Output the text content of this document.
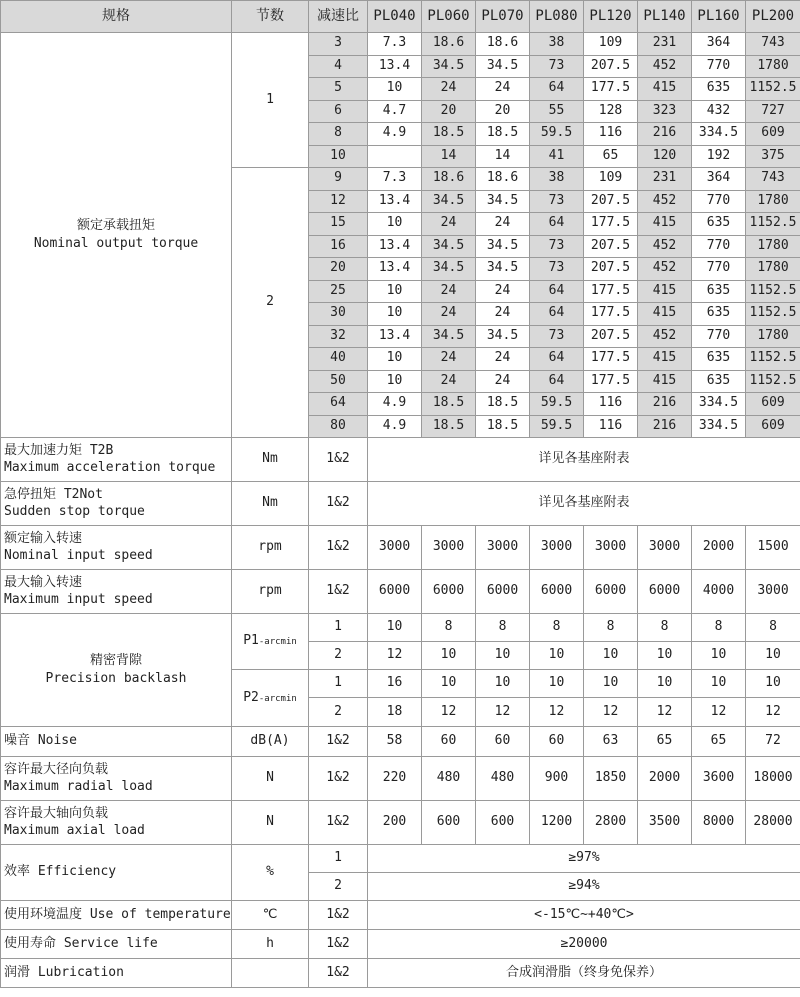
规格	节数	减速比	PL040	PL060	PL070	PL080	PL120	PL140	PL160	PL200

额定承载扭矩
Nominal output torque	1	3	7.3	18.6	18.6	38	109	231	364	743
		4	13.4	34.5	34.5	73	207.5	452	770	1780
		5	10	24	24	64	177.5	415	635	1152.5
		6	4.7	20	20	55	128	323	432	727
		8	4.9	18.5	18.5	59.5	116	216	334.5	609
		10		14	14	41	65	120	192	375
	2	9	7.3	18.6	18.6	38	109	231	364	743
		12	13.4	34.5	34.5	73	207.5	452	770	1780
		15	10	24	24	64	177.5	415	635	1152.5
		16	13.4	34.5	34.5	73	207.5	452	770	1780
		20	13.4	34.5	34.5	73	207.5	452	770	1780
		25	10	24	24	64	177.5	415	635	1152.5
		30	10	24	24	64	177.5	415	635	1152.5
		32	13.4	34.5	34.5	73	207.5	452	770	1780
		40	10	24	24	64	177.5	415	635	1152.5
		50	10	24	24	64	177.5	415	635	1152.5
		64	4.9	18.5	18.5	59.5	116	216	334.5	609
		80	4.9	18.5	18.5	59.5	116	216	334.5	609

最大加速力矩 T2B
Maximum acceleration torque	Nm	1&2	详见各基座附表							

急停扭矩 T2Not
Sudden stop torque	Nm	1&2	详见各基座附表							

额定输入转速
Nominal input speed	rpm	1&2	3000	3000	3000	3000	3000	3000	2000	1500

最大输入转速
Maximum input speed	rpm	1&2	6000	6000	6000	6000	6000	6000	4000	3000

精密背隙
Precision backlash	P1-arcmin	1	10	8	8	8	8	8	8	8
		2	12	10	10	10	10	10	10	10
	P2-arcmin	1	16	10	10	10	10	10	10	10
		2	18	12	12	12	12	12	12	12
噪音 Noise	dB(A)	1&2	58	60	60	60	63	65	65	72

容许最大径向负载
Maximum radial load	N	1&2	220	480	480	900	1850	2000	3600	18000

容许最大轴向负载
Maximum axial load	N	1&2	200	600	600	1200	2800	3500	8000	28000
效率 Efficiency	%	1	≥97%							
		2	≥94%							
使用环境温度 Use of temperature	℃	1&2	<-15℃~+40℃>							
使用寿命 Service life	h	1&2	≥20000							
润滑 Lubrication		1&2	合成润滑脂（终身免保养）							
